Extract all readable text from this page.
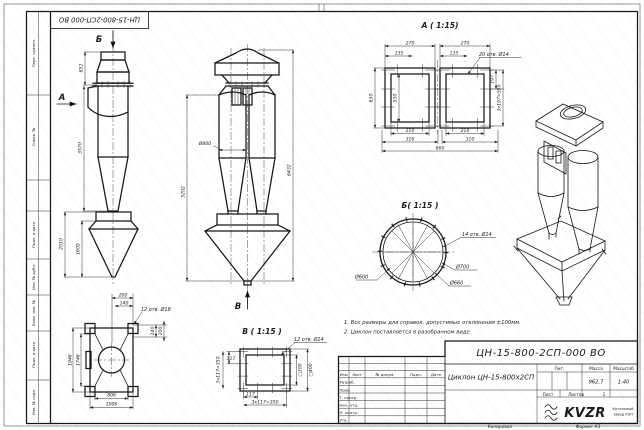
Перв. примен.
Справ. №
Подп. и дата
Инв. № дубл.
Взам. инв. №
Подп. и дата
Инв. № подл.
ЦН-15-800-2СП-000 ВО
Б
852
3570
2010	1605
А
200
140
12 отв. Ø18
140 200
1946 1746
806
1006
Ø800
5202
6432
В
А ( 1:15)
270	270
135	135	20 отв. Ø14
630	530
197
3х197=590
210	210
310	310
660
Б( 1:15 )
Ø600
14 отв. Ø14
Ø700
Ø660
В ( 1:15 )
12 отв. Ø14
117
3х117=350	□300 □400
117
3х117=350
1. Все размеры для справок, допустимые отклонения ±100мм.
2. Циклон поставляется в разобранном виде.
ЦН-15-800-2СП-000 ВО
Циклон ЦН-15-800х2СП
Изм Лист	№ докум.	Подп. Дата
Разраб.
Пров.
Т. контр.
Нач. отд.
Н. контр.
Утв.
Лит.	Масса Масштаб
962,7	1:40
Лист	Листов	1
KVZR Котельный
завод РЭП
Копировал	Формат А3
